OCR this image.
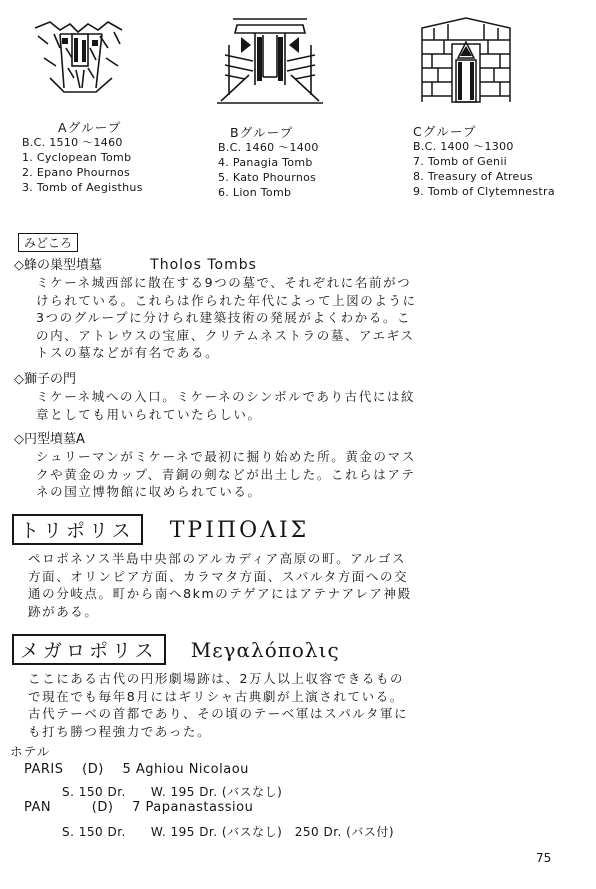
Aグループ
B.C. 1510 ～1460
1. Cyclopean Tomb
2. Epano Phournos
3. Tomb of Aegisthus
Bグループ
B.C. 1460 ～1400
4. Panagia Tomb
5. Kato Phournos
6. Lion Tomb
Cグループ
B.C. 1400 ～1300
7. Tomb of Genii
8. Treasury of Atreus
9. Tomb of Clytemnestra
みどころ
◇蜂の巣型墳墓	Tholos Tombs
ミケーネ城西部に散在する9つの墓で、それぞれに名前がつ
けられている。これらは作られた年代によって上図のように
3つのグループに分けられ建築技術の発展がよくわかる。こ
の内、アトレウスの宝庫、クリテムネストラの墓、アエギス
トスの墓などが有名である。
◇獅子の門
ミケーネ城への入口。ミケーネのシンボルであり古代には紋
章としても用いられていたらしい。
◇円型墳墓A
シュリーマンがミケーネで最初に掘り始めた所。黄金のマス
クや黄金のカップ、青銅の剣などが出土した。これらはアテ
ネの国立博物館に収められている。
トリポリス TPIΠOΛIΣ
ペロポネソス半島中央部のアルカディア高原の町。アルゴス
方面、オリンピア方面、カラマタ方面、スパルタ方面への交
通の分岐点。町から南へ8kmのテゲアにはアテナアレア神殿
跡がある。
メガロポリス Μεγαλόπολις
ここにある古代の円形劇場跡は、2万人以上収容できるもの
で現在でも毎年8月にはギリシャ古典劇が上演されている。
古代テーベの首都であり、その頃のテーベ軍はスパルタ軍に
も打ち勝つ程強力であった。
ホテル
PARIS (D) 5 Aghiou Nicolaou
S. 150 Dr.　　W. 195 Dr. (バスなし)
PAN	(D) 7 Papanastassiou
S. 150 Dr.　　W. 195 Dr. (バスなし)　250 Dr. (バス付)
75
